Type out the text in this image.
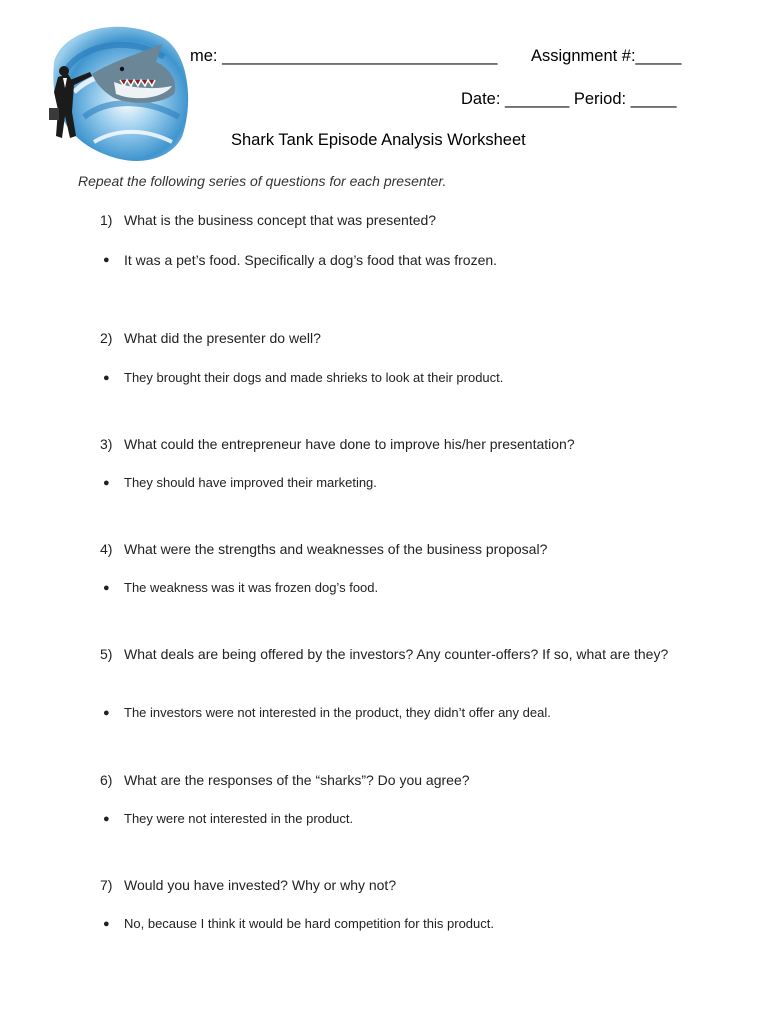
me: ______________________________ Assignment #:_____
Date: _______ Period: _____
Shark Tank Episode Analysis Worksheet
Repeat the following series of questions for each presenter.
1) What is the business concept that was presented?
● It was a pet’s food. Specifically a dog’s food that was frozen.
2) What did the presenter do well?
● They brought their dogs and made shrieks to look at their product.
3) What could the entrepreneur have done to improve his/her presentation?
● They should have improved their marketing.
4) What were the strengths and weaknesses of the business proposal?
● The weakness was it was frozen dog’s food.
5) What deals are being offered by the investors? Any counter-offers? If so, what are they?
● The investors were not interested in the product, they didn’t offer any deal.
6) What are the responses of the “sharks”? Do you agree?
● They were not interested in the product.
7) Would you have invested? Why or why not?
● No, because I think it would be hard competition for this product.
